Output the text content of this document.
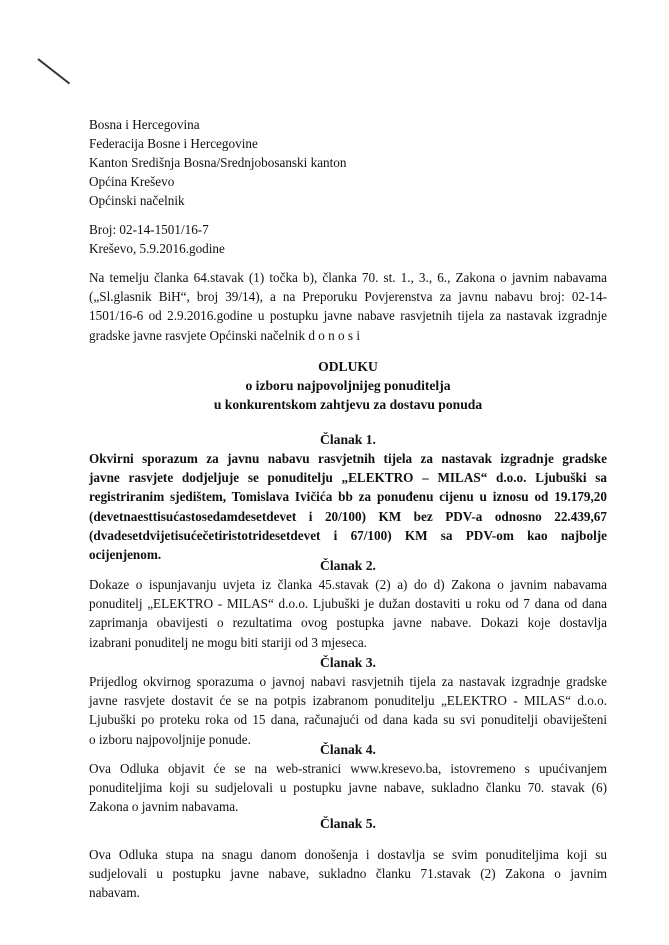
Bosna i Hercegovina
Federacija Bosne i Hercegovine
Kanton Središnja Bosna/Srednjobosanski kanton
Općina Kreševo
Općinski načelnik
Broj: 02-14-1501/16-7
Kreševo, 5.9.2016.godine
Na temelju članka 64.stavak (1) točka b), članka 70. st. 1., 3., 6., Zakona o javnim nabavama
(„Sl.glasnik BiH“, broj 39/14), a na Preporuku Povjerenstva za javnu nabavu broj: 02-14-
1501/16-6 od 2.9.2016.godine u postupku javne nabave rasvjetnih tijela za nastavak izgradnje
gradske javne rasvjete Općinski načelnik d o n o s i
ODLUKU
o izboru najpovoljnijeg ponuditelja
u konkurentskom zahtjevu za dostavu ponuda
Članak 1.
Okvirni sporazum za javnu nabavu rasvjetnih tijela za nastavak izgradnje gradske
javne rasvjete dodjeljuje se ponuditelju „ELEKTRO – MILAS“ d.o.o. Ljubuški sa
registriranim sjedištem, Tomislava Ivičića bb za ponuđenu cijenu u iznosu od 19.179,20
(devetnaesttisućastosedamdesetdevet i 20/100) KM bez PDV-a odnosno 22.439,67
(dvadesetdvijetisućečetiristotridesetdevet i 67/100) KM sa PDV-om kao najbolje
ocijenjenom.
Članak 2.
Dokaze o ispunjavanju uvjeta iz članka 45.stavak (2) a) do d) Zakona o javnim nabavama
ponuditelj „ELEKTRO - MILAS“ d.o.o. Ljubuški je dužan dostaviti u roku od 7 dana od dana
zaprimanja obavijesti o rezultatima ovog postupka javne nabave. Dokazi koje dostavlja
izabrani ponuditelj ne mogu biti stariji od 3 mjeseca.
Članak 3.
Prijedlog okvirnog sporazuma o javnoj nabavi rasvjetnih tijela za nastavak izgradnje gradske
javne rasvjete dostavit će se na potpis izabranom ponuditelju „ELEKTRO - MILAS“ d.o.o.
Ljubuški po proteku roka od 15 dana, računajući od dana kada su svi ponuditelji obaviješteni
o izboru najpovoljnije ponude.
Članak 4.
Ova Odluka objavit će se na web-stranici www.kresevo.ba, istovremeno s upućivanjem
ponuditeljima koji su sudjelovali u postupku javne nabave, sukladno članku 70. stavak (6)
Zakona o javnim nabavama.
Članak 5.
Ova Odluka stupa na snagu danom donošenja i dostavlja se svim ponuditeljima koji su
sudjelovali u postupku javne nabave, sukladno članku 71.stavak (2) Zakona o javnim
nabavam.
